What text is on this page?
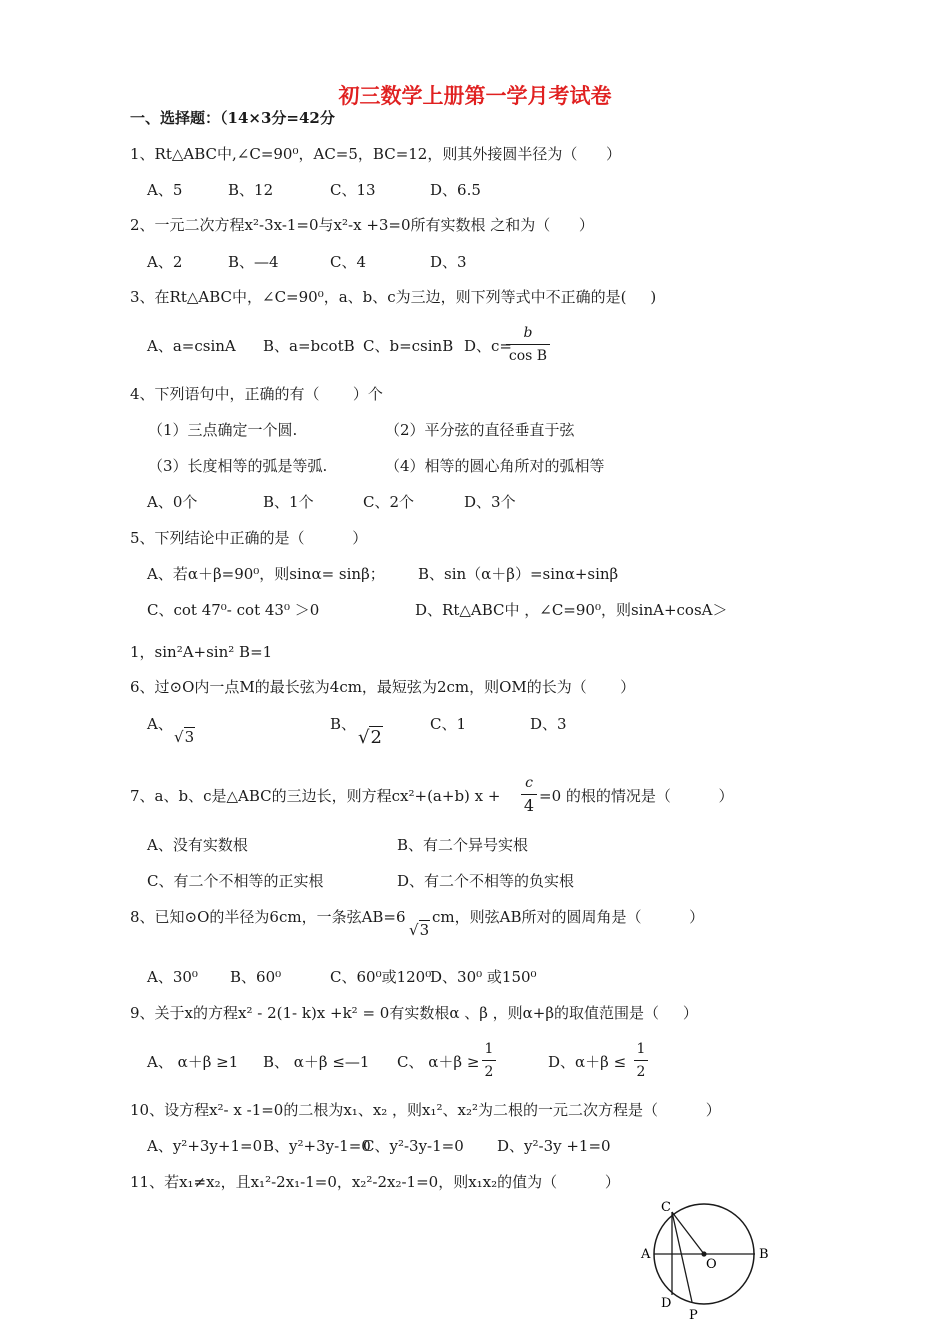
初三数学上册第一学月考试卷
一、选择题：（14×3分=42分
1、Rt△ABC中,∠C=90⁰，AC=5，BC=12，则其外接圆半径为（      ）
A、5	B、12	C、13	D、6.5
2、一元二次方程x²-3x-1=0与x²-x +3=0所有实数根 之和为（      ）
A、2	B、—4	C、4	D、3
3、在Rt△ABC中，∠C=90⁰，a、b、c为三边，则下列等式中不正确的是(     )
A、a=csinA B、a=bcotB C、b=csinB D、c=
b
cos B
4、下列语句中，正确的有（       ）个
（1）三点确定一个圆.	（2）平分弦的直径垂直于弦
（3）长度相等的弧是等弧.	（4）相等的圆心角所对的弧相等
A、0个	B、1个	C、2个	D、3个
5、下列结论中正确的是（          ）
A、若α＋β=90⁰，则sinα= sinβ； B、sin（α＋β）=sinα+sinβ
C、cot 47⁰- cot 43⁰ ＞0	D、Rt△ABC中 ，∠C=90⁰，则sinA+cosA＞
1，sin²A+sin² B=1
6、过⊙O内一点M的最长弦为4cm，最短弦为2cm，则OM的长为（       ）
A、
√3
B、
√2
C、1	D、3
7、a、b、c是△ABC的三边长，则方程cx²+(a+b) x +
c
4 =0 的根的情况是（          ）
A、没有实数根	B、有二个异号实根
C、有二个不相等的正实根	D、有二个不相等的负实根
8、已知⊙O的半径为6cm，一条弦AB=6
√3
cm，则弦AB所对的圆周角是（          ）
A、30⁰ B、60⁰	C、60⁰或120⁰
D、30⁰ 或150⁰
9、关于x的方程x² - 2(1- k)x +k² = 0有实数根α 、β ，则α+β的取值范围是（     ）
A、 α＋β ≥1 B、 α＋β ≤—1 C、 α＋β ≥
1
2
D、α＋β ≤
1
2
10、设方程x²- x -1=0的二根为x₁、x₂ ，则x₁²、x₂²为二根的一元二次方程是（          ）
A、y²+3y+1=0 B、y²+3y-1=0
C、y²-3y-1=0 D、y²-3y +1=0
11、若x₁≠x₂，且x₁²-2x₁-1=0，x₂²-2x₂-1=0，则x₁x₂的值为（          ）
C
A	B
O
D
P
